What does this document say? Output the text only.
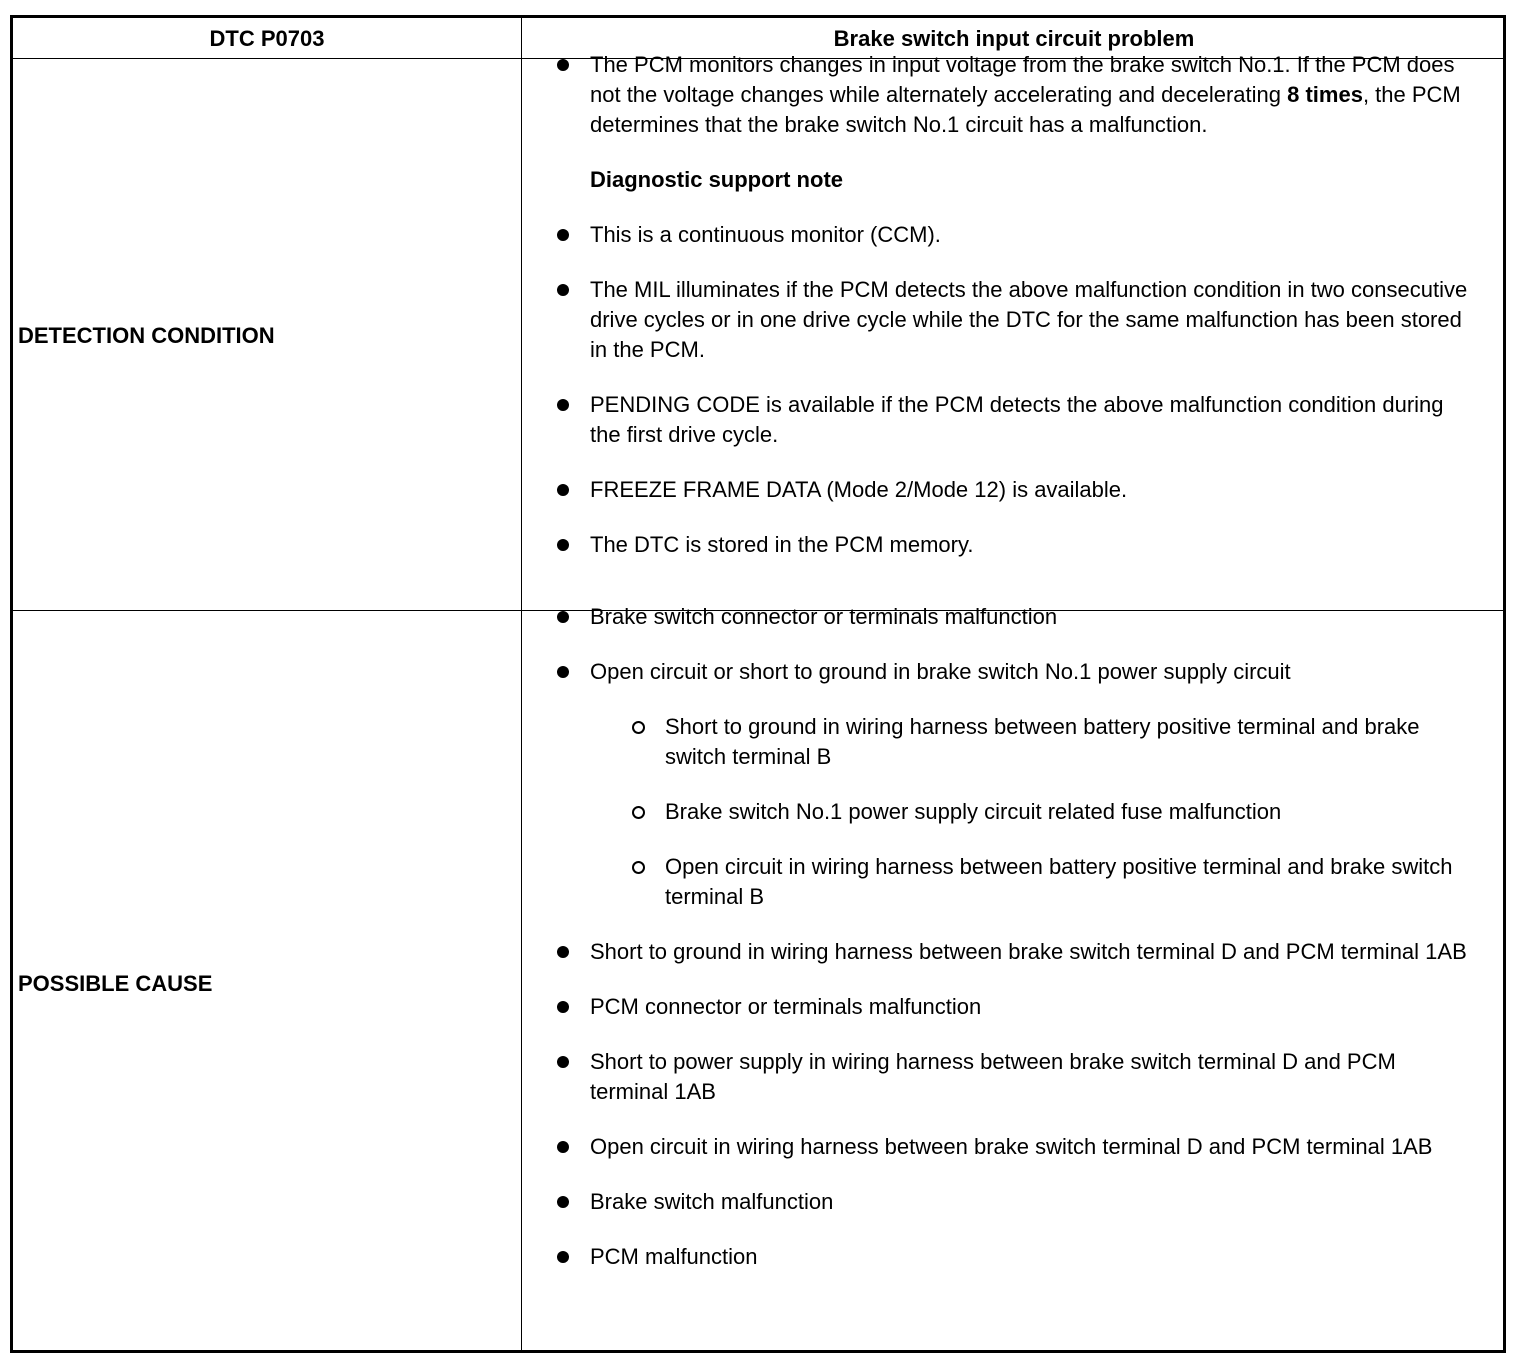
DTC P0703	Brake switch input circuit problem
DETECTION CONDITION
POSSIBLE CAUSE
The PCM monitors changes in input voltage from the brake switch No.1. If the PCM does not the voltage changes while alternately accelerating and decelerating 8 times, the PCM determines that the brake switch No.1 circuit has a malfunction.
Diagnostic support note
This is a continuous monitor (CCM).
The MIL illuminates if the PCM detects the above malfunction condition in two consecutive drive cycles or in one drive cycle while the DTC for the same malfunction has been stored in the PCM.
PENDING CODE is available if the PCM detects the above malfunction condition during the first drive cycle.
FREEZE FRAME DATA (Mode 2/Mode 12) is available.
The DTC is stored in the PCM memory.
Brake switch connector or terminals malfunction
Open circuit or short to ground in brake switch No.1 power supply circuit
Short to ground in wiring harness between battery positive terminal and brake switch terminal B
Brake switch No.1 power supply circuit related fuse malfunction
Open circuit in wiring harness between battery positive terminal and brake switch terminal B
Short to ground in wiring harness between brake switch terminal D and PCM terminal 1AB
PCM connector or terminals malfunction
Short to power supply in wiring harness between brake switch terminal D and PCM terminal 1AB
Open circuit in wiring harness between brake switch terminal D and PCM terminal 1AB
Brake switch malfunction
PCM malfunction
